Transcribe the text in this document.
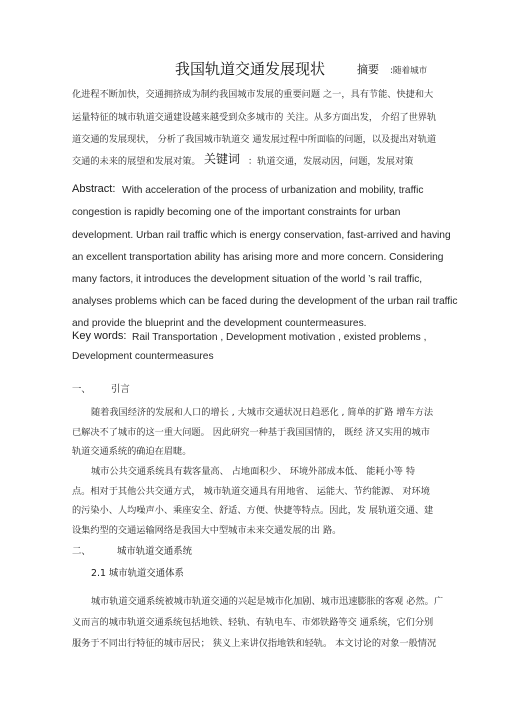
我国轨道交通发展现状	摘要 :随着城市
化进程不断加快，交通拥挤成为制约我国城市发展的重要问题 之一，具有节能、快捷和大
运量特征的城市轨道交通建设越来越受到众多城市的 关注。从多方面出发， 介绍了世界轨
道交通的发展现状， 分析了我国城市轨道交 通发展过程中所面临的问题，以及提出对轨道
交通的未来的展望和发展对策。 关键词 ：轨道交通，发展动因，问题，发展对策
Abstract: With acceleration of the process of urbanization and mobility, traffic
congestion is rapidly becoming one of the important constraints for urban
development. Urban rail traffic which is energy conservation, fast-arrived and having
an excellent transportation ability has arising more and more concern. Considering
many factors, it introduces the development situation of the world ’s rail traffic,
analyses problems which can be faced during the development of the urban rail traffic
and provide the blueprint and the development countermeasures.
Key words: Rail Transportation , Development motivation , existed problems ,
Development countermeasures
一、 引言
随着我国经济的发展和人口的增长 , 大城市交通状况日趋恶化 , 简单的扩路 增车方法
已解决不了城市的这一重大问题。 因此研究一种基于我国国情的， 既经 济又实用的城市
轨道交通系统的确迫在眉睫。
城市公共交通系统具有载客量高、 占地面积少、 环境外部成本低、 能耗小等 特
点。相对于其他公共交通方式， 城市轨道交通具有用地省、 运能大、节约能源、 对环境
的污染小、人均噪声小、乘座安全、舒适、方便、快捷等特点。因此，发 展轨道交通、建
设集约型的交通运输网络是我国大中型城市未来交通发展的出 路。
二、	城市轨道交通系统
2.1 城市轨道交通体系
城市轨道交通系统被城市轨道交通的兴起是城市化加剧、城市迅速膨胀的客观 必然。广
义而言的城市轨道交通系统包括地铁、轻轨、有轨电车、市郊铁路等交 通系统，它们分别
服务于不同出行特征的城市居民； 狭义上来讲仅指地铁和轻轨。 本文讨论的对象一般情况
